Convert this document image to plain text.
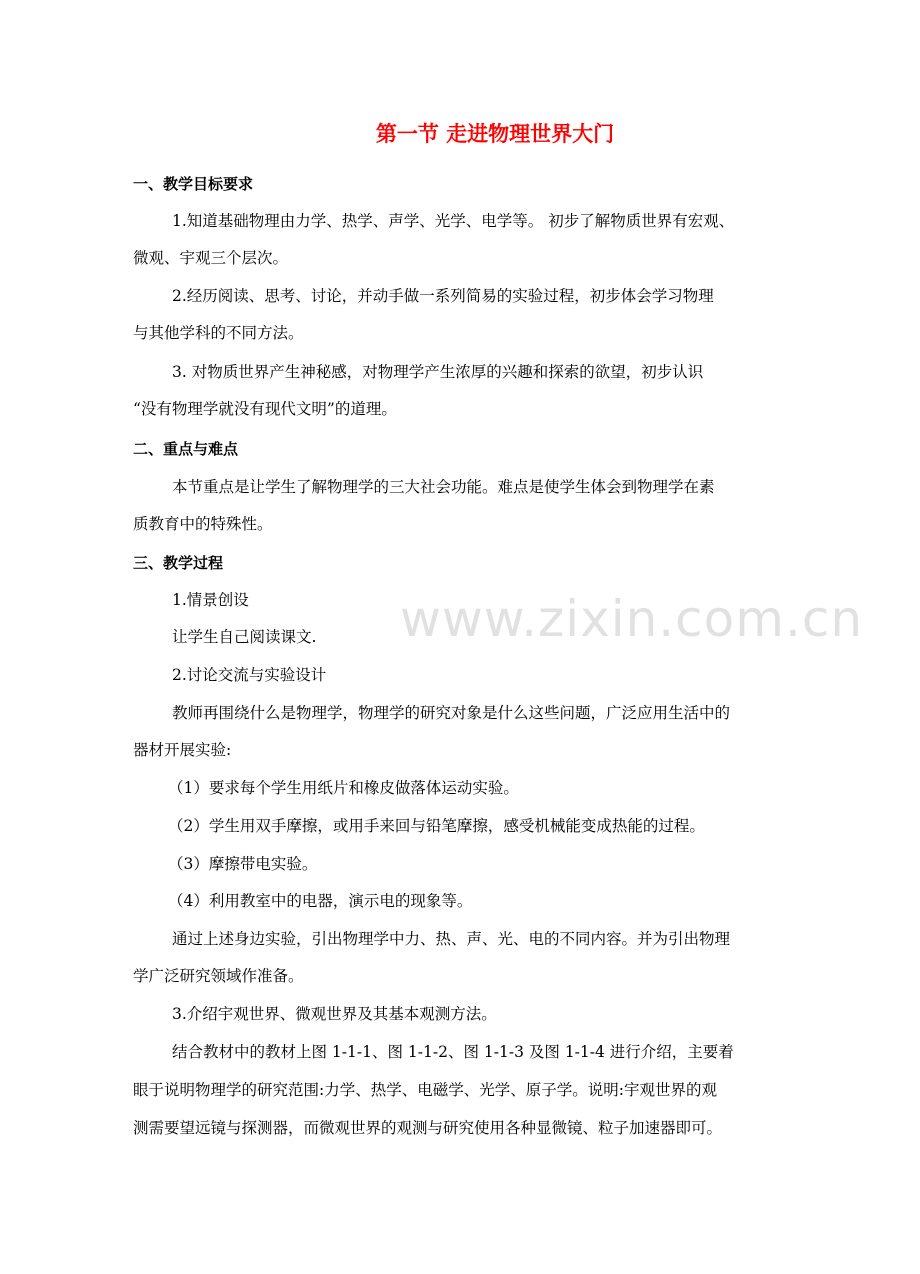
第一节 走进物理世界大门
一、教学目标要求
1.知道基础物理由力学、热学、声学、光学、电学等。 初步了解物质世界有宏观、
微观、宇观三个层次。
2.经历阅读、思考、讨论，并动手做一系列简易的实验过程，初步体会学习物理
与其他学科的不同方法。
3. 对物质世界产生神秘感，对物理学产生浓厚的兴趣和探索的欲望，初步认识
“没有物理学就没有现代文明”的道理。
二、重点与难点
本节重点是让学生了解物理学的三大社会功能。难点是使学生体会到物理学在素
质教育中的特殊性。
三、教学过程
1.情景创设
让学生自己阅读课文.
2.讨论交流与实验设计
教师再围绕什么是物理学，物理学的研究对象是什么这些问题，广泛应用生活中的
器材开展实验:
（1）要求每个学生用纸片和橡皮做落体运动实验。
（2）学生用双手摩擦，或用手来回与铅笔摩擦，感受机械能变成热能的过程。
（3）摩擦带电实验。
（4）利用教室中的电器，演示电的现象等。
通过上述身边实验，引出物理学中力、热、声、光、电的不同内容。并为引出物理
学广泛研究领域作准备。
3.介绍宇观世界、微观世界及其基本观测方法。
结合教材中的教材上图 1-1-1、图 1-1-2、图 1-1-3 及图 1-1-4 进行介绍，主要着
眼于说明物理学的研究范围:力学、热学、电磁学、光学、原子学。说明:宇观世界的观
测需要望远镜与探测器，而微观世界的观测与研究使用各种显微镜、粒子加速器即可。
www.zixin.com.cn
